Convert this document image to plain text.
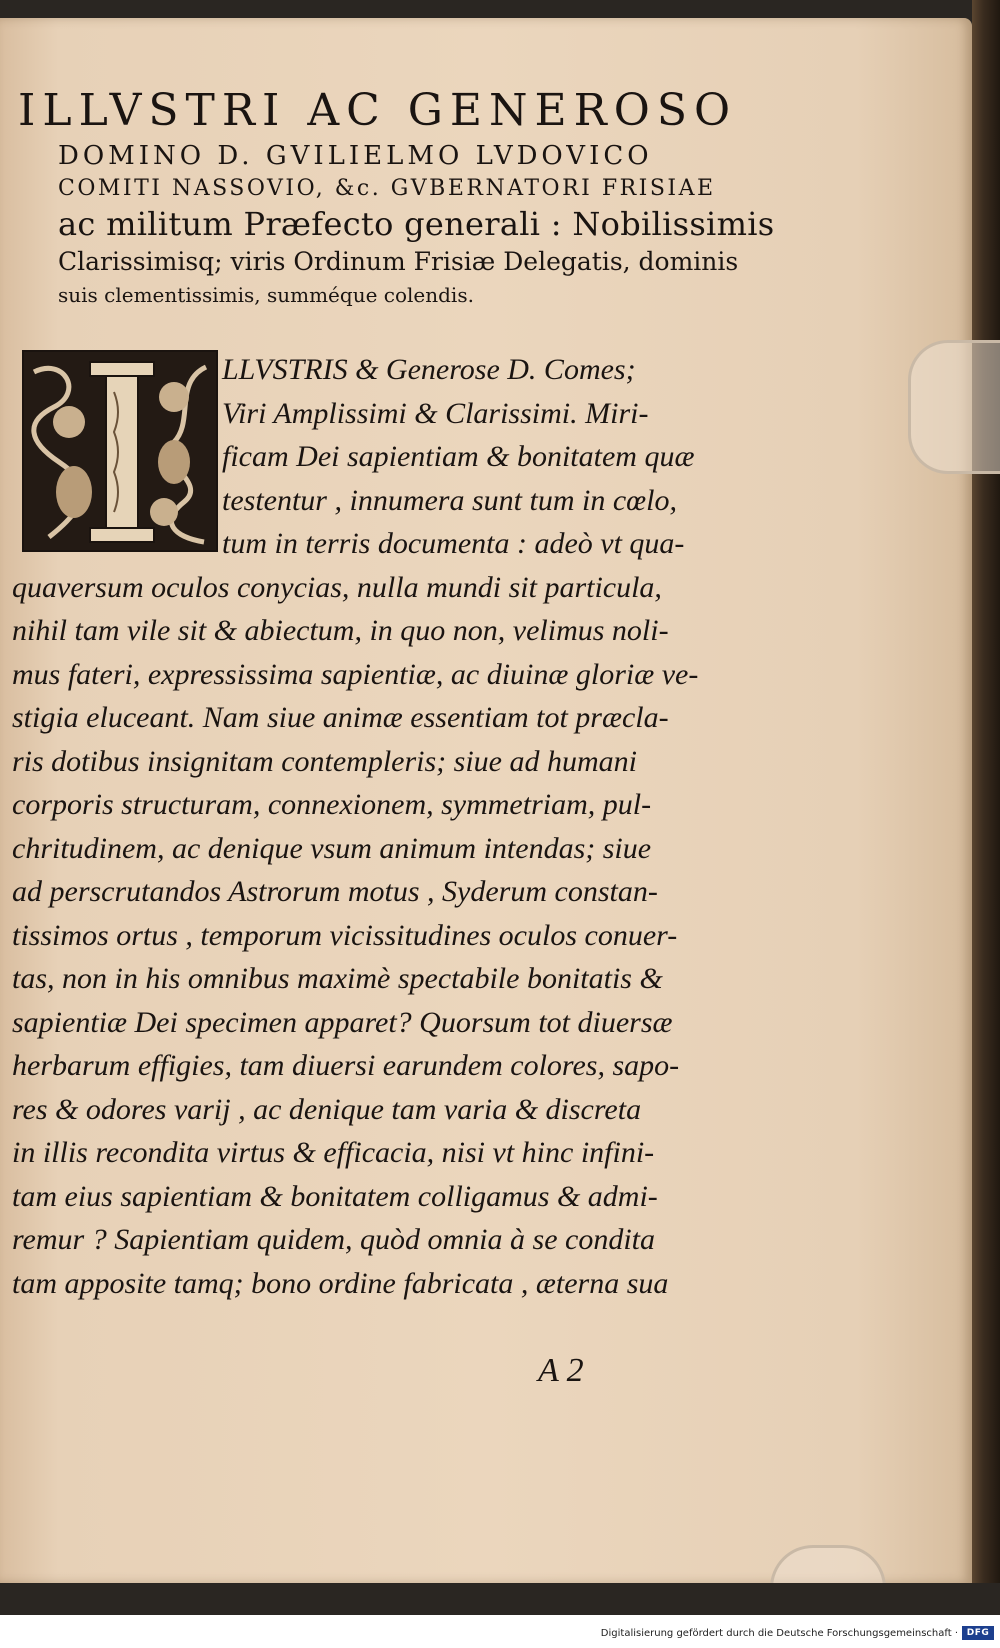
ILLVSTRI AC GENEROSO
DOMINO D. GVILIELMO LVDOVICO
COMITI NASSOVIO, &c. GVBERNATORI FRISIAE
ac militum Præfecto generali : Nobilissimis
Clarissimisq; viris Ordinum Frisiæ Delegatis, dominis
suis clementissimis, summéque colendis.
LLVSTRIS & Generose D. Comes;
Viri Amplissimi & Clarissimi. Miri-
ficam Dei sapientiam & bonitatem quæ
testentur , innumera sunt tum in cœlo,
tum in terris documenta : adeò vt qua-
quaversum oculos conycias, nulla mundi sit particula,
nihil tam vile sit & abiectum, in quo non, velimus noli-
mus fateri, expressissima sapientiæ, ac diuinæ gloriæ ve-
stigia eluceant. Nam siue animæ essentiam tot præcla-
ris dotibus insignitam contempleris; siue ad humani
corporis structuram, connexionem, symmetriam, pul-
chritudinem, ac denique vsum animum intendas; siue
ad perscrutandos Astrorum motus , Syderum constan-
tissimos ortus , temporum vicissitudines oculos conuer-
tas, non in his omnibus maximè spectabile bonitatis &
sapientiæ Dei specimen apparet? Quorsum tot diuersæ
herbarum effigies, tam diuersi earundem colores, sapo-
res & odores varij , ac denique tam varia & discreta
in illis recondita virtus & efficacia, nisi vt hinc infini-
tam eius sapientiam & bonitatem colligamus & admi-
remur ? Sapientiam quidem, quòd omnia à se condita
tam apposite tamq; bono ordine fabricata , æterna sua
A 2
Digitalisierung gefördert durch die Deutsche Forschungsgemeinschaft · DFG
